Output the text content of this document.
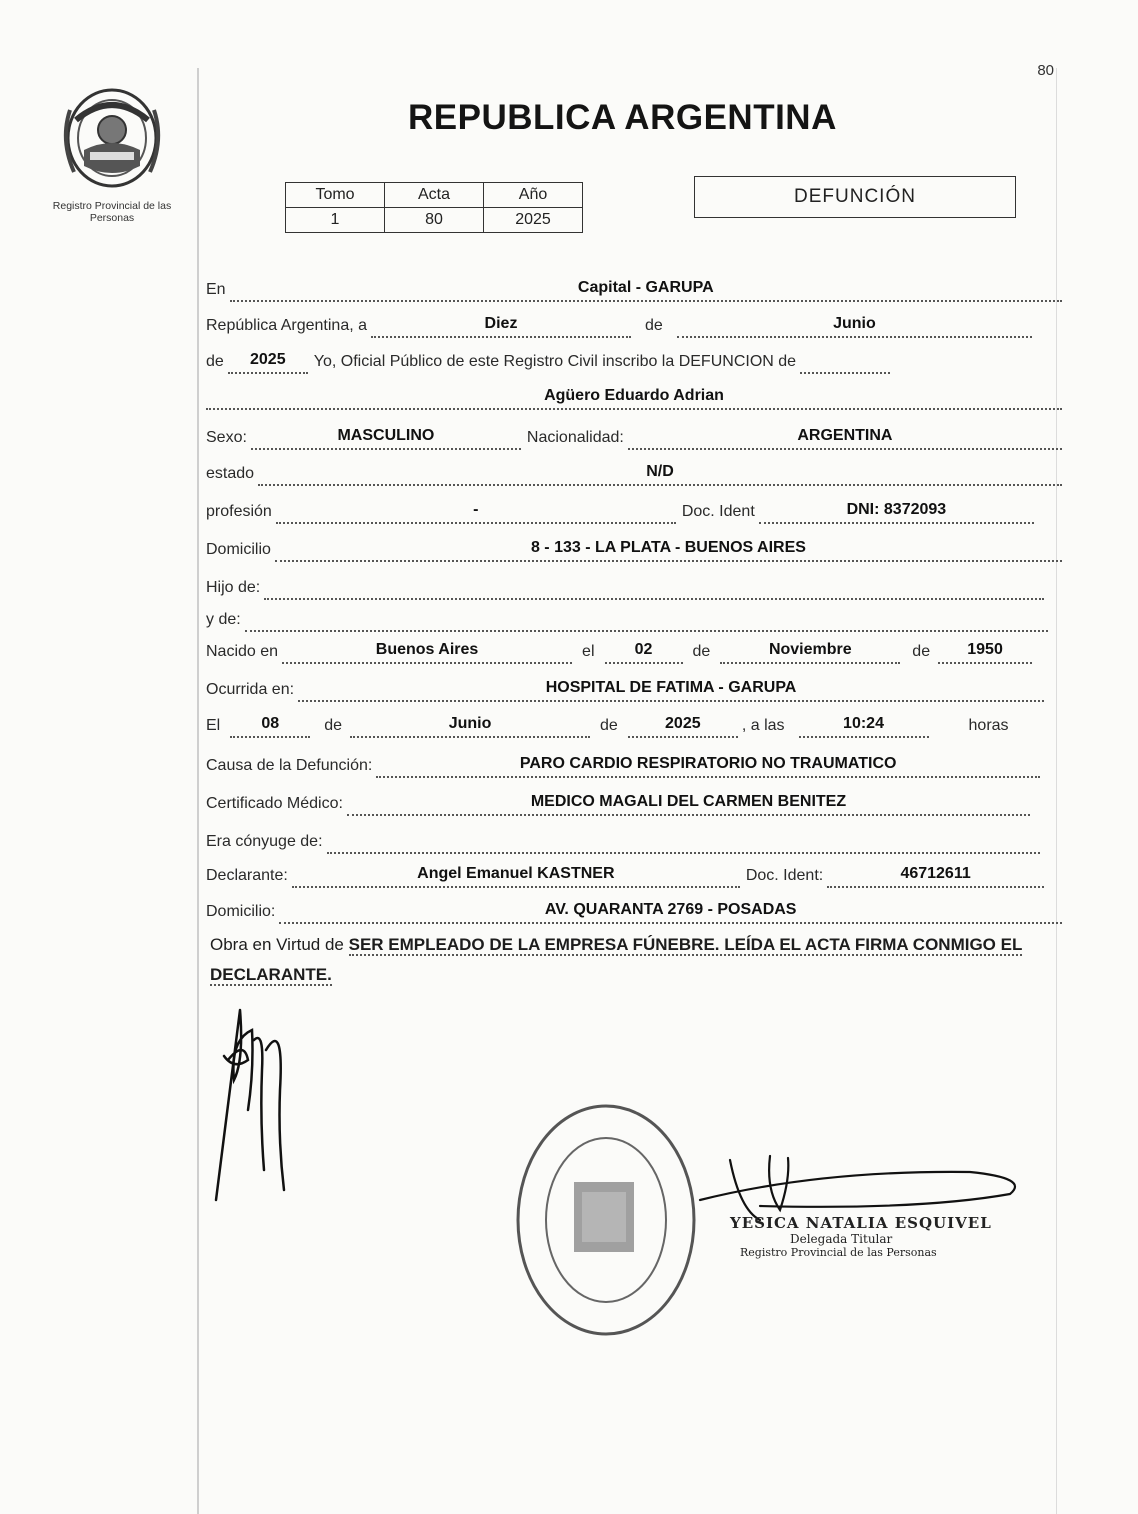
80
Registro Provincial de las Personas
REPUBLICA ARGENTINA
Tomo	Acta	Año
1	80	2025
DEFUNCIÓN
En	Capital - GARUPA
República Argentina, a	Diez	de	Junio
de	2025	Yo, Oficial Público de este Registro Civil inscribo la DEFUNCION de
Agüero Eduardo Adrian
Sexo:	MASCULINO	Nacionalidad:	ARGENTINA
estado	N/D
profesión	-	Doc. Ident	DNI: 8372093
Domicilio	8 - 133 - LA PLATA - BUENOS AIRES
Hijo de:
y de:
Nacido en	Buenos Aires	el	02	de	Noviembre	de	1950
Ocurrida en:	HOSPITAL DE FATIMA - GARUPA
El	08	de	Junio	de	2025	, a las	10:24	horas
Causa de la Defunción:	PARO CARDIO RESPIRATORIO NO TRAUMATICO
Certificado Médico:	MEDICO MAGALI DEL CARMEN BENITEZ
Era cónyuge de:
Declarante:	Angel Emanuel KASTNER	Doc. Ident:	46712611
Domicilio:	AV. QUARANTA 2769 - POSADAS
Obra en Virtud de SER EMPLEADO DE LA EMPRESA FÚNEBRE. LEÍDA EL ACTA FIRMA CONMIGO EL DECLARANTE.
YESICA NATALIA ESQUIVEL
Delegada Titular
Registro Provincial de las Personas
